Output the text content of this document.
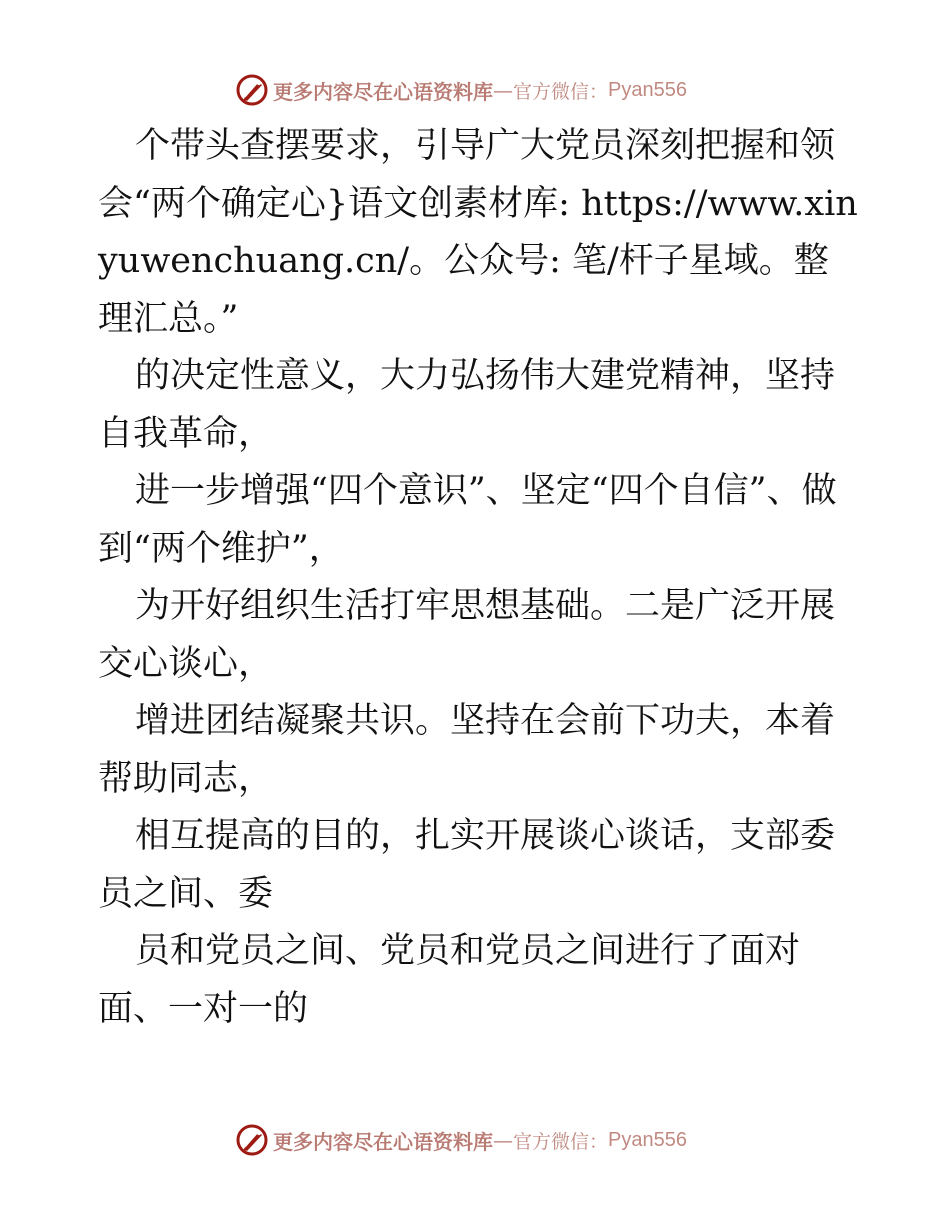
更多内容尽在心语资料库 — 官方微信： Pyan556

个带头查摆要求，引导广大党员深刻把握和领会“两个确定心}语文创素材库: https://www.xinyuwenchuang.cn/。公众号: 笔/杆子星域。整理汇总。”

的决定性意义，大力弘扬伟大建党精神，坚持自我革命，

进一步增强“四个意识”、坚定“四个自信”、做到“两个维护”，

为开好组织生活打牢思想基础。二是广泛开展交心谈心，

增进团结凝聚共识。坚持在会前下功夫，本着帮助同志，

相互提高的目的，扎实开展谈心谈话，支部委员之间、委

员和党员之间、党员和党员之间进行了面对面、一对一的

更多内容尽在心语资料库 — 官方微信： Pyan556
